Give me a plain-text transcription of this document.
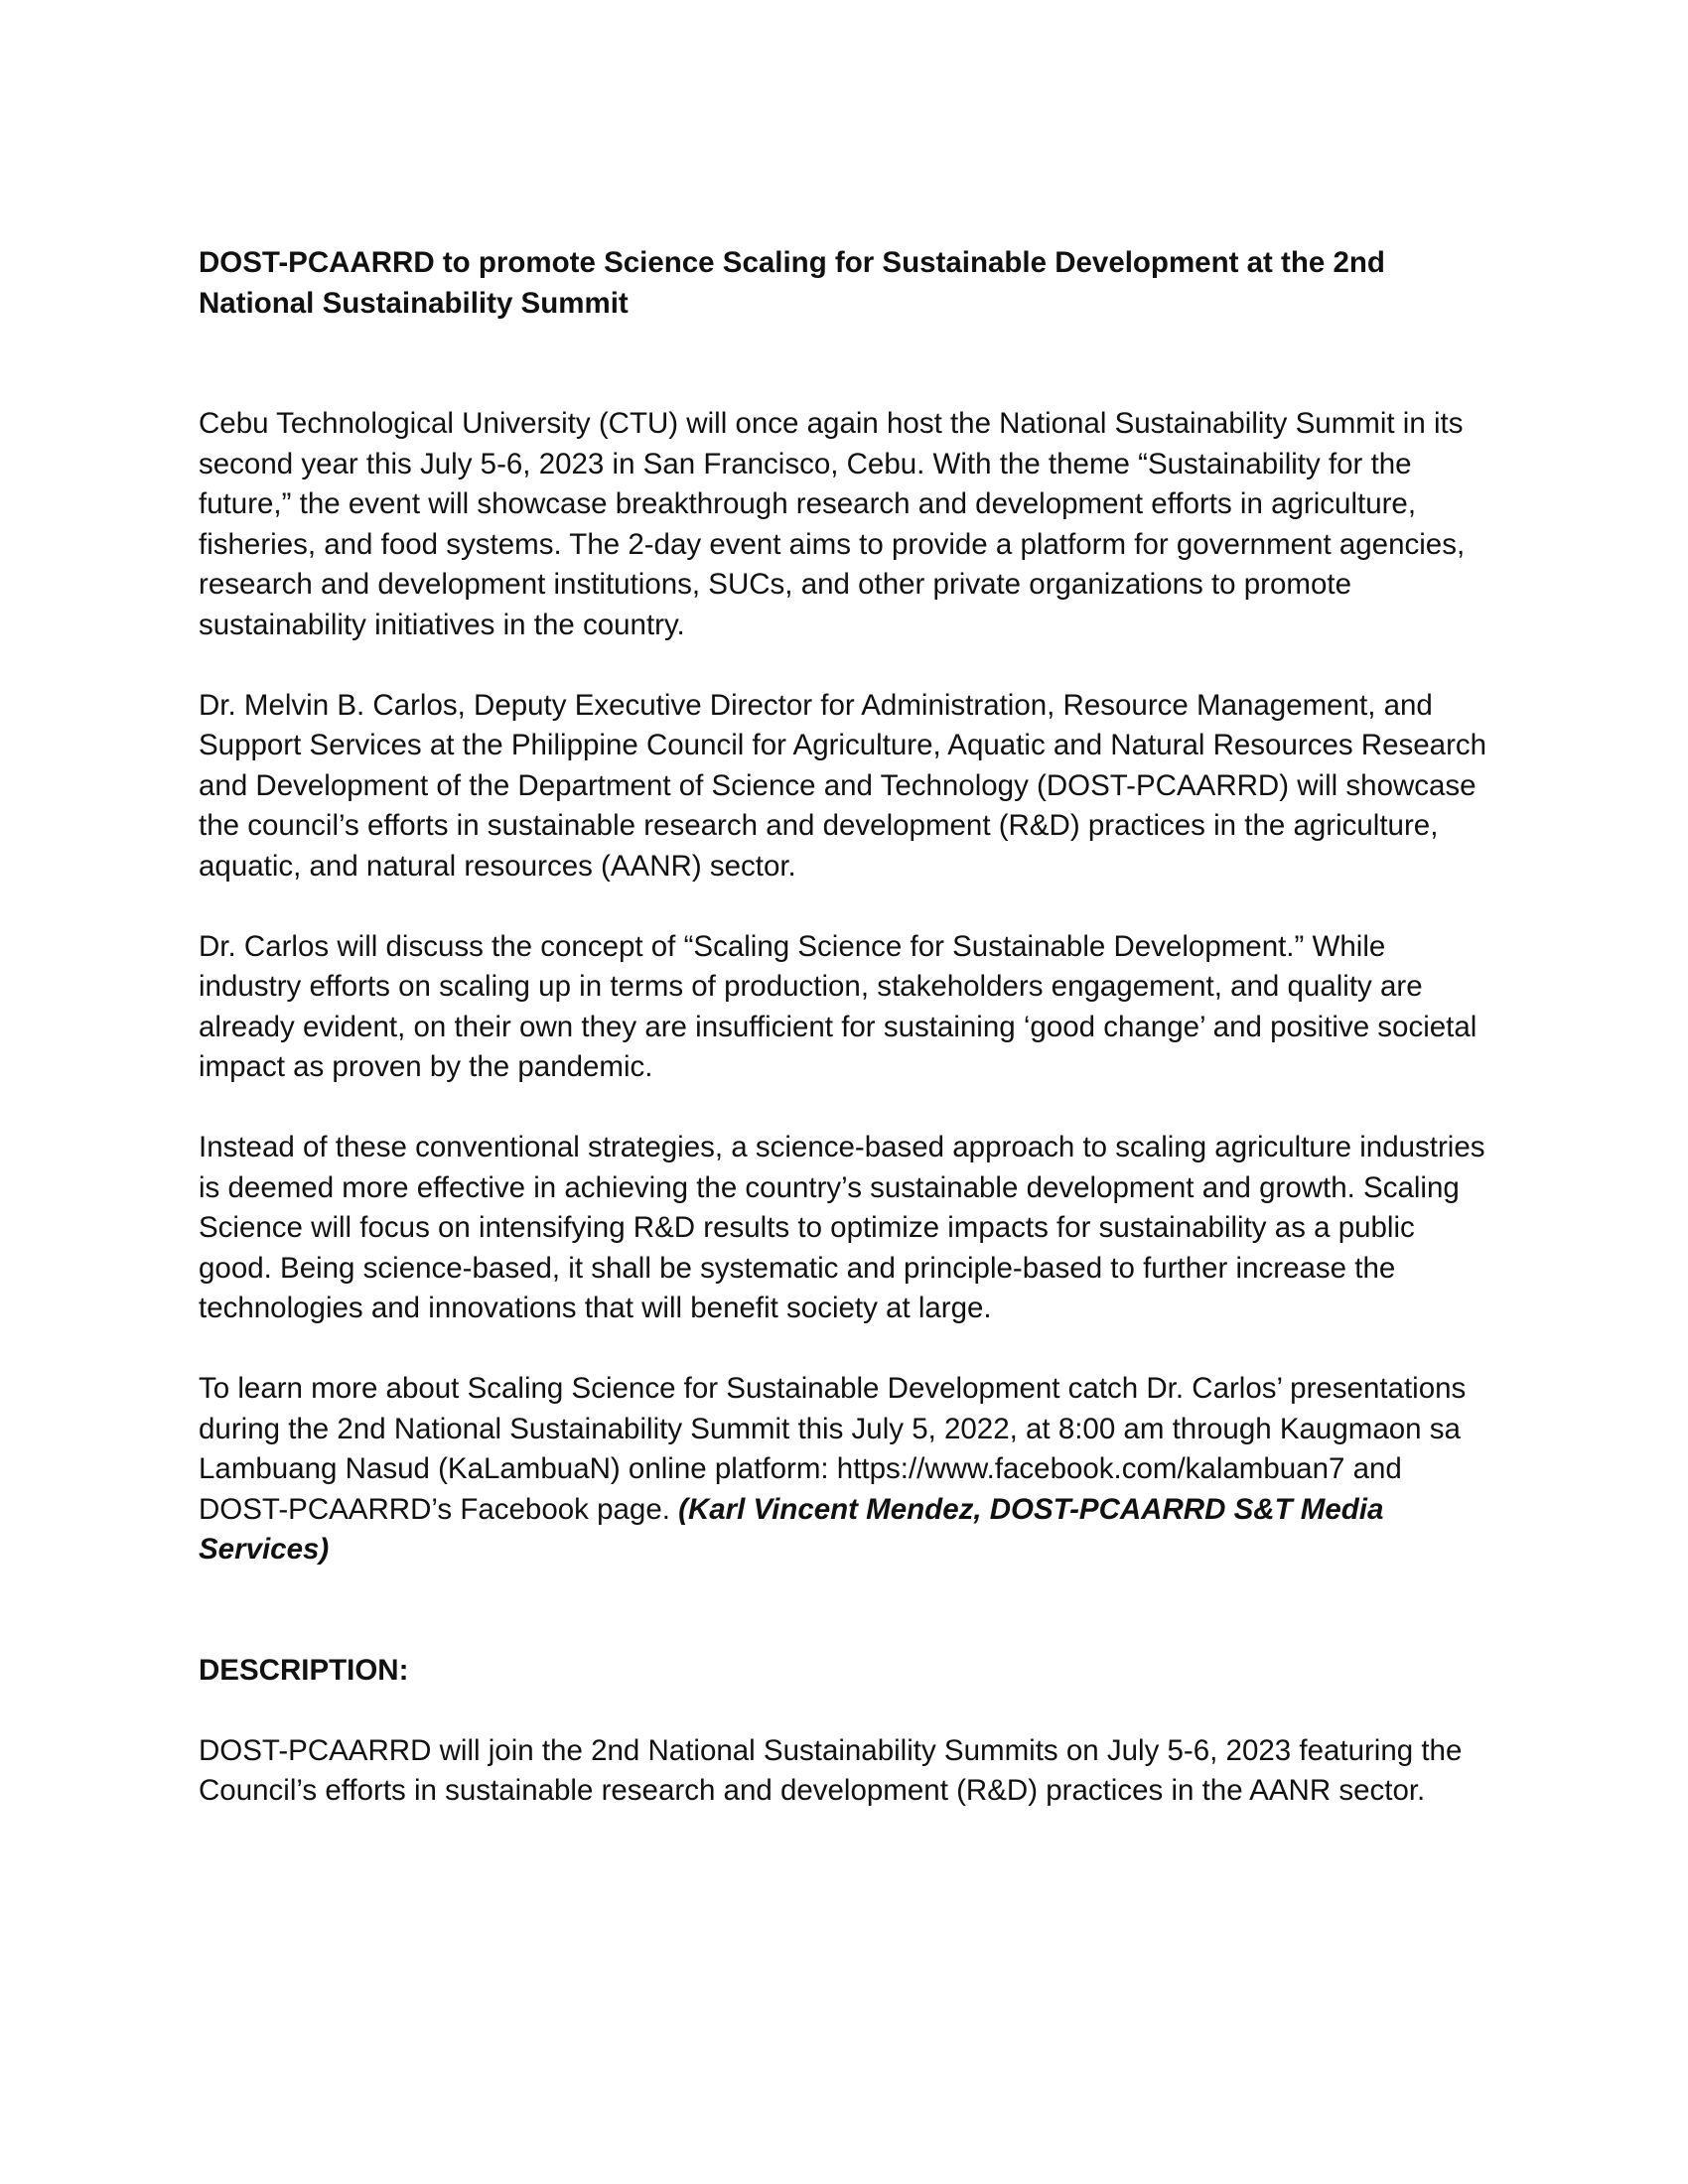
DOST-PCAARRD to promote Science Scaling for Sustainable Development at the 2nd National Sustainability Summit

Cebu Technological University (CTU) will once again host the National Sustainability Summit in its second year this July 5-6, 2023 in San Francisco, Cebu. With the theme “Sustainability for the future,” the event will showcase breakthrough research and development efforts in agriculture, fisheries, and food systems. The 2-day event aims to provide a platform for government agencies, research and development institutions, SUCs, and other private organizations to promote sustainability initiatives in the country.

Dr. Melvin B. Carlos, Deputy Executive Director for Administration, Resource Management, and Support Services at the Philippine Council for Agriculture, Aquatic and Natural Resources Research and Development of the Department of Science and Technology (DOST-PCAARRD) will showcase the council’s efforts in sustainable research and development (R&D) practices in the agriculture, aquatic, and natural resources (AANR) sector.

Dr. Carlos will discuss the concept of “Scaling Science for Sustainable Development.” While industry efforts on scaling up in terms of production, stakeholders engagement, and quality are already evident, on their own they are insufficient for sustaining ‘good change’ and positive societal impact as proven by the pandemic.

Instead of these conventional strategies, a science-based approach to scaling agriculture industries is deemed more effective in achieving the country’s sustainable development and growth. Scaling Science will focus on intensifying R&D results to optimize impacts for sustainability as a public good. Being science-based, it shall be systematic and principle-based to further increase the technologies and innovations that will benefit society at large.

To learn more about Scaling Science for Sustainable Development catch Dr. Carlos’ presentations during the 2nd National Sustainability Summit this July 5, 2022, at 8:00 am through Kaugmaon sa Lambuang Nasud (KaLambuaN) online platform: https://www.facebook.com/kalambuan7 and DOST-PCAARRD’s Facebook page. (Karl Vincent Mendez, DOST-PCAARRD S&T Media Services)

DESCRIPTION:

DOST-PCAARRD will join the 2nd National Sustainability Summits on July 5-6, 2023 featuring the Council’s efforts in sustainable research and development (R&D) practices in the AANR sector.
